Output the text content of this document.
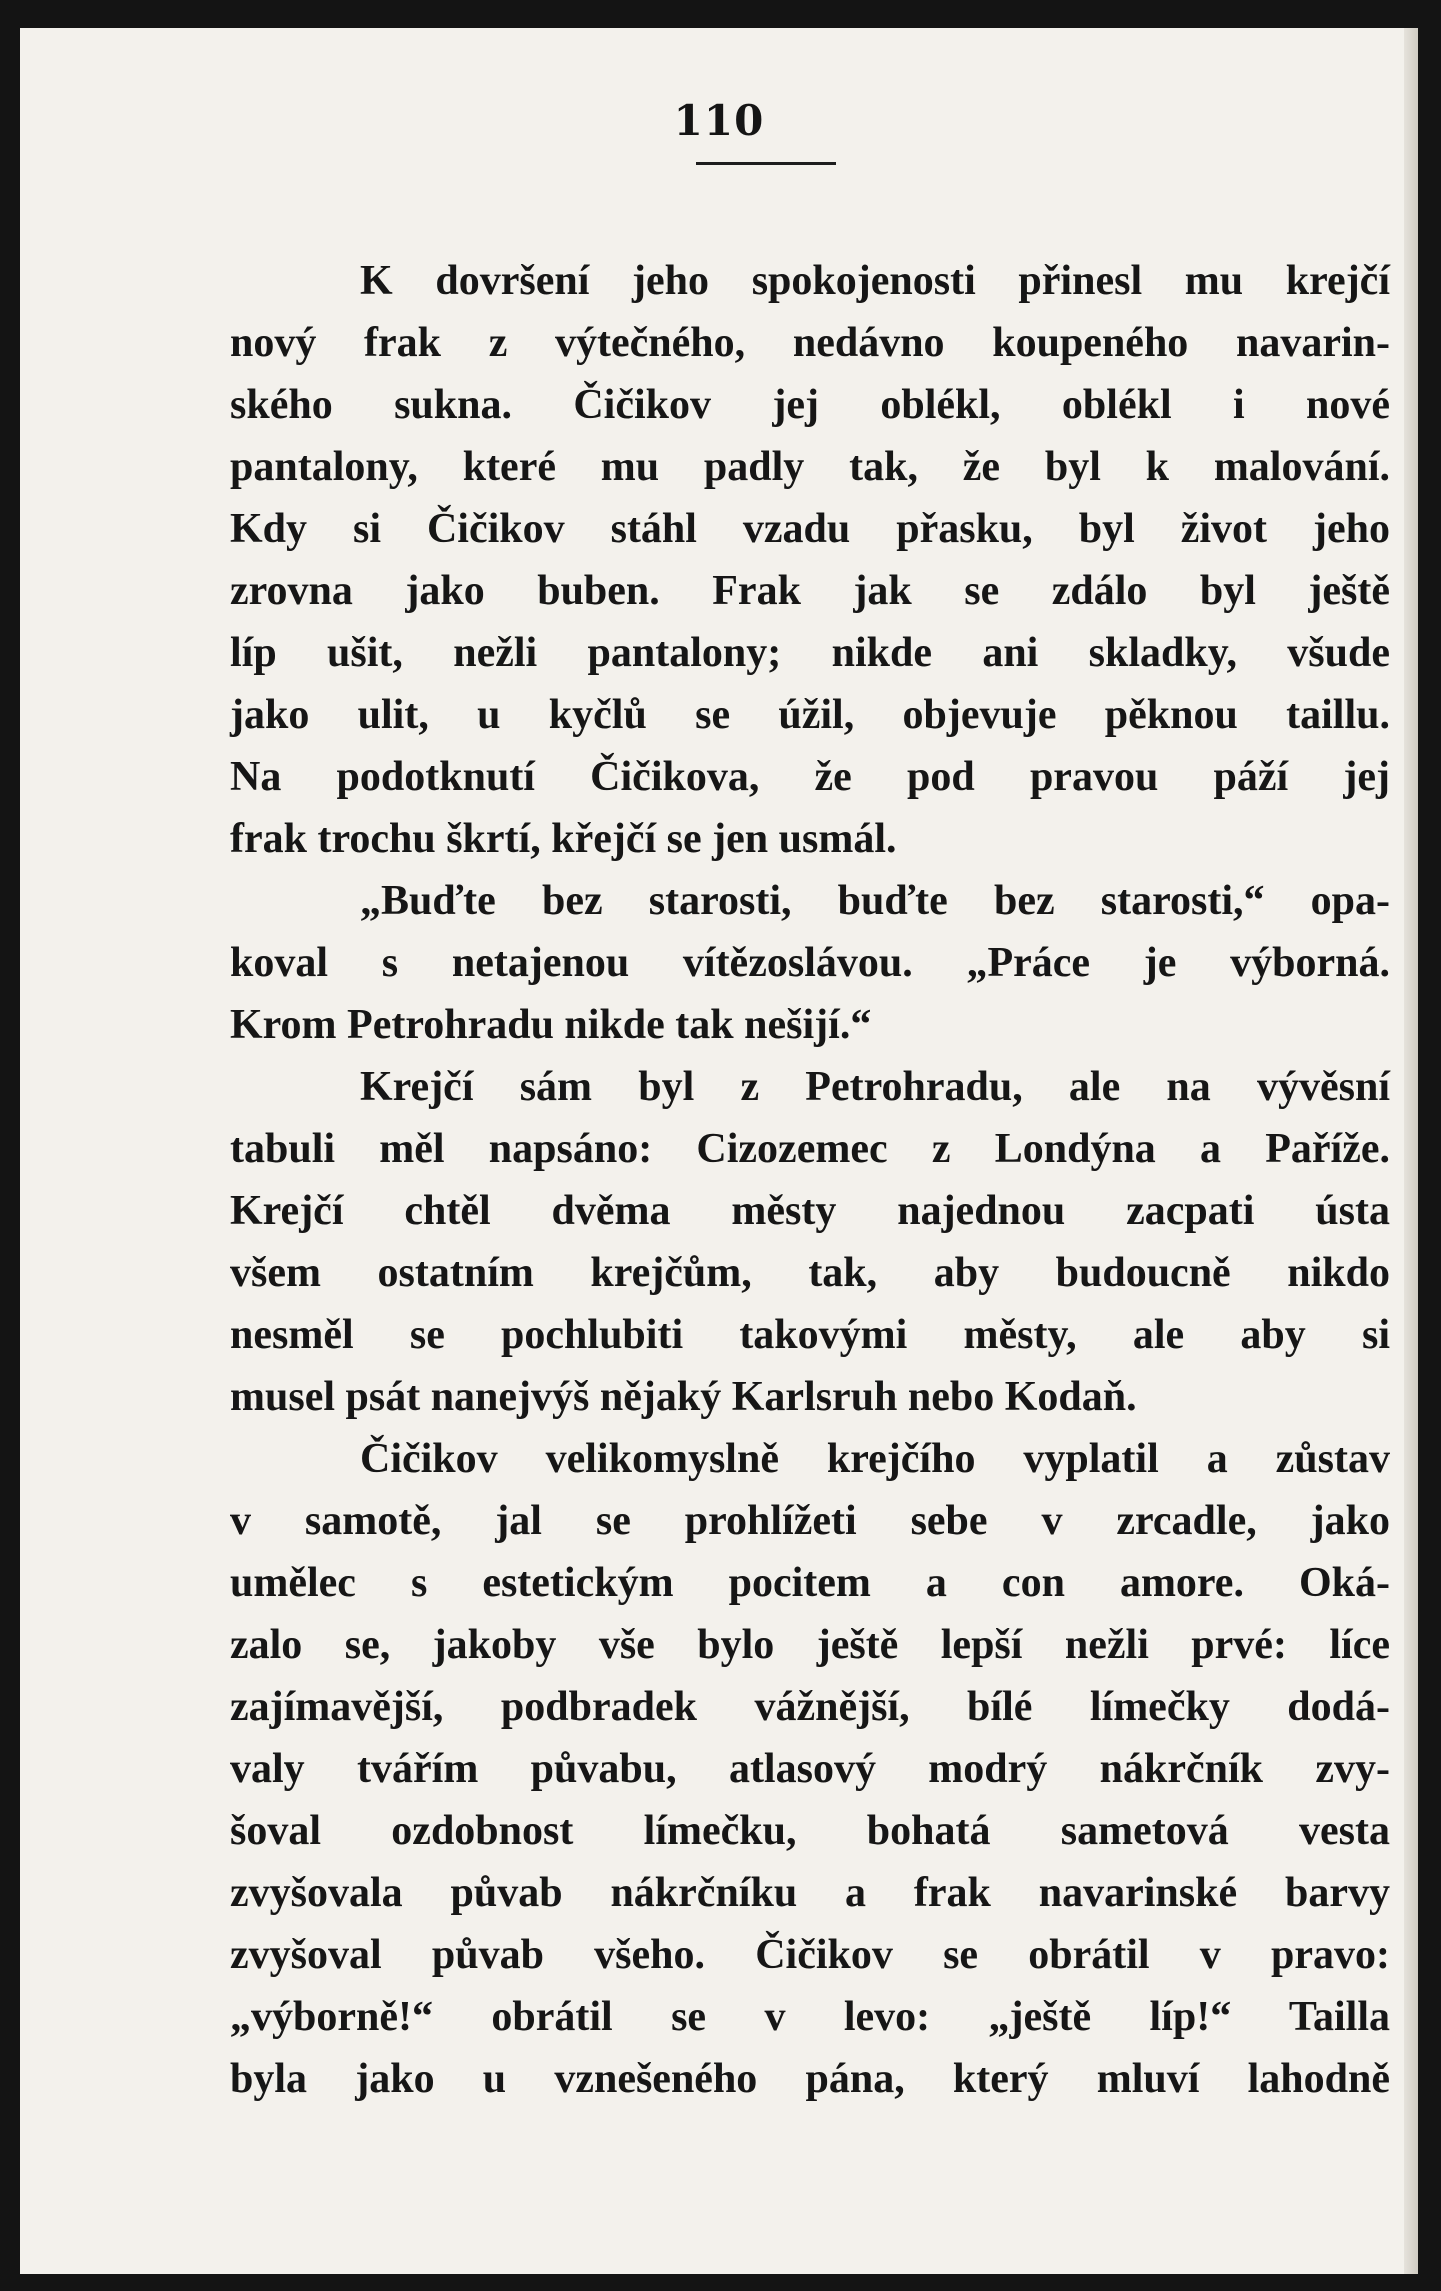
110
K dovršení jeho spokojenosti přinesl mu krejčí
nový frak z výtečného, nedávno koupeného navarin-
ského sukna. Čičikov jej oblékl, oblékl i nové
pantalony, které mu padly tak, že byl k malování.
Kdy si Čičikov stáhl vzadu přasku, byl život jeho
zrovna jako buben. Frak jak se zdálo byl ještě
líp ušit, nežli pantalony; nikde ani skladky, všude
jako ulit, u kyčlů se úžil, objevuje pěknou taillu.
Na podotknutí Čičikova, že pod pravou páží jej
frak trochu škrtí, křejčí se jen usmál.
„Buďte bez starosti, buďte bez starosti,“ opa-
koval s netajenou vítězoslávou. „Práce je výborná.
Krom Petrohradu nikde tak nešijí.“
Krejčí sám byl z Petrohradu, ale na vývěsní
tabuli měl napsáno: Cizozemec z Londýna a Paříže.
Krejčí chtěl dvěma městy najednou zacpati ústa
všem ostatním krejčům, tak, aby budoucně nikdo
nesměl se pochlubiti takovými městy, ale aby si
musel psát nanejvýš nějaký Karlsruh nebo Kodaň.
Čičikov velikomyslně krejčího vyplatil a zůstav
v samotě, jal se prohlížeti sebe v zrcadle, jako
umělec s estetickým pocitem a con amore. Oká-
zalo se, jakoby vše bylo ještě lepší nežli prvé: líce
zajímavější, podbradek vážnější, bílé límečky dodá-
valy tvářím půvabu, atlasový modrý nákrčník zvy-
šoval ozdobnost límečku, bohatá sametová vesta
zvyšovala půvab nákrčníku a frak navarinské barvy
zvyšoval půvab všeho. Čičikov se obrátil v pravo:
„výborně!“ obrátil se v levo: „ještě líp!“ Tailla
byla jako u vznešeného pána, který mluví lahodně
